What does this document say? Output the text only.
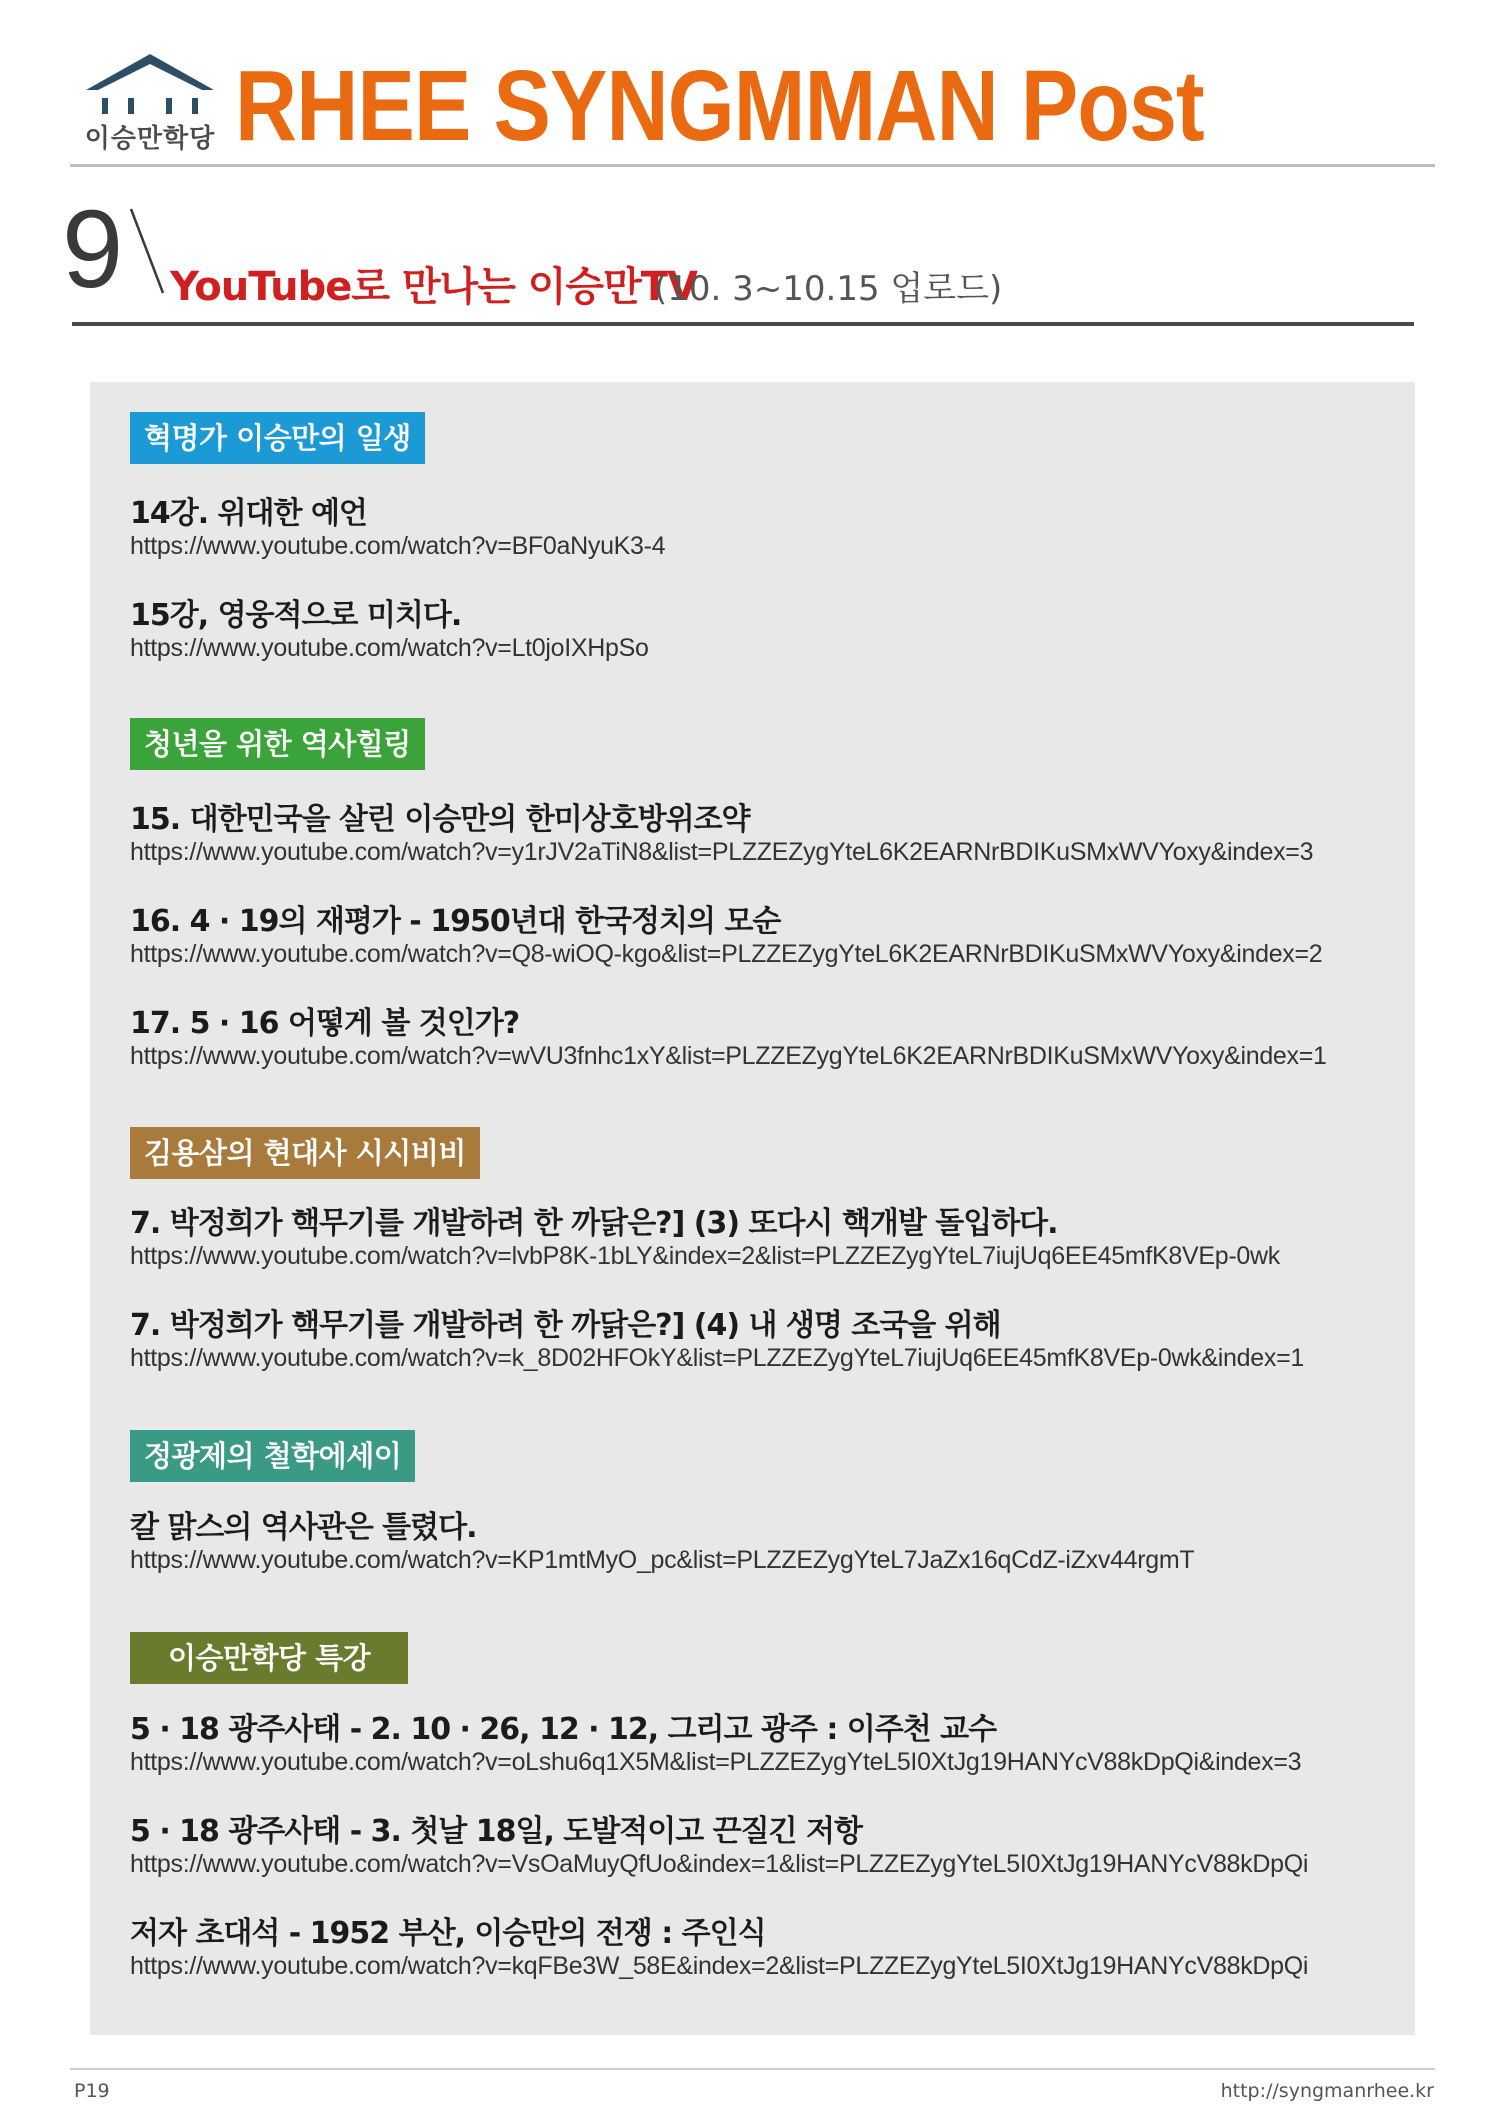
이승만학당 RHEE SYNGMMAN Post
9 YouTube로 만나는 이승만TV
(10. 3~10.15 업로드)
혁명가 이승만의 일생
14강. 위대한 예언
https://www.youtube.com/watch?v=BF0aNyuK3-4
15강, 영웅적으로 미치다.
https://www.youtube.com/watch?v=Lt0joIXHpSo
청년을 위한 역사힐링
15. 대한민국을 살린 이승만의 한미상호방위조약
https://www.youtube.com/watch?v=y1rJV2aTiN8&list=PLZZEZygYteL6K2EARNrBDIKuSMxWVYoxy&index=3
16. 4 · 19의 재평가 - 1950년대 한국정치의 모순
https://www.youtube.com/watch?v=Q8-wiOQ-kgo&list=PLZZEZygYteL6K2EARNrBDIKuSMxWVYoxy&index=2
17. 5 · 16 어떻게 볼 것인가?
https://www.youtube.com/watch?v=wVU3fnhc1xY&list=PLZZEZygYteL6K2EARNrBDIKuSMxWVYoxy&index=1
김용삼의 현대사 시시비비
7. 박정희가 핵무기를 개발하려 한 까닭은?] (3) 또다시 핵개발 돌입하다.
https://www.youtube.com/watch?v=lvbP8K-1bLY&index=2&list=PLZZEZygYteL7iujUq6EE45mfK8VEp-0wk
7. 박정희가 핵무기를 개발하려 한 까닭은?] (4) 내 생명 조국을 위해
https://www.youtube.com/watch?v=k_8D02HFOkY&list=PLZZEZygYteL7iujUq6EE45mfK8VEp-0wk&index=1
정광제의 철학에세이
칼 맑스의 역사관은 틀렸다.
https://www.youtube.com/watch?v=KP1mtMyO_pc&list=PLZZEZygYteL7JaZx16qCdZ-iZxv44rgmT
이승만학당 특강
5 · 18 광주사태 - 2. 10 · 26, 12 · 12, 그리고 광주 : 이주천 교수
https://www.youtube.com/watch?v=oLshu6q1X5M&list=PLZZEZygYteL5I0XtJg19HANYcV88kDpQi&index=3
5 · 18 광주사태 - 3. 첫날 18일, 도발적이고 끈질긴 저항
https://www.youtube.com/watch?v=VsOaMuyQfUo&index=1&list=PLZZEZygYteL5I0XtJg19HANYcV88kDpQi
저자 초대석 - 1952 부산, 이승만의 전쟁 : 주인식
https://www.youtube.com/watch?v=kqFBe3W_58E&index=2&list=PLZZEZygYteL5I0XtJg19HANYcV88kDpQi
P19	http://syngmanrhee.kr
